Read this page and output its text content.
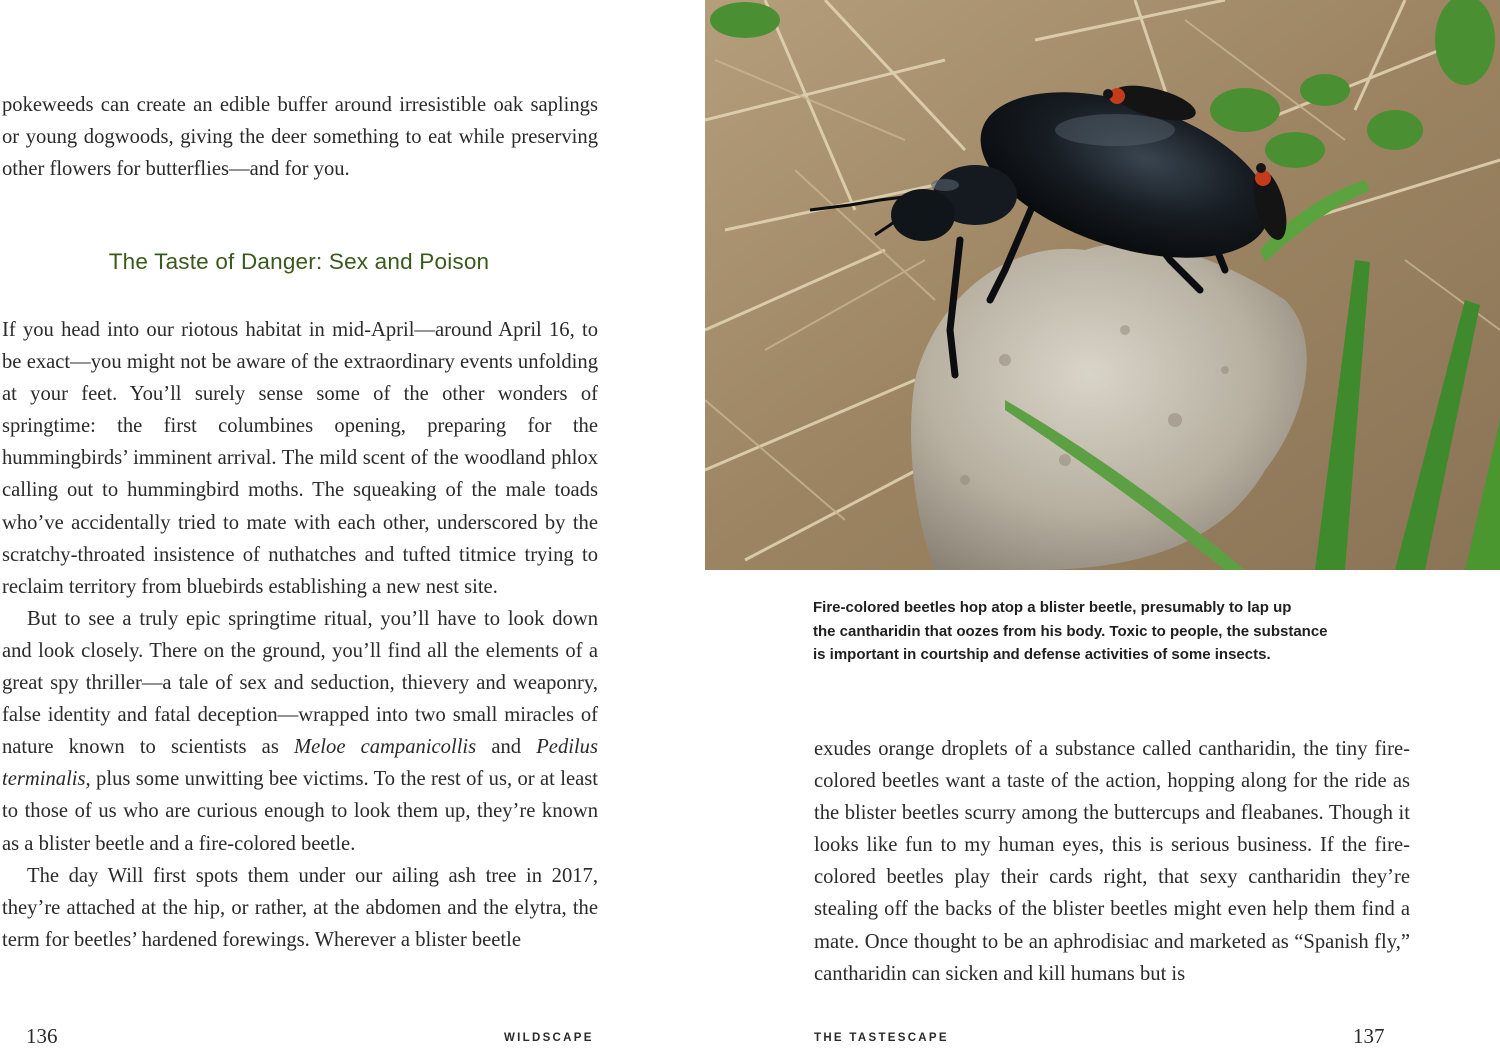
pokeweeds can create an edible buffer around irresistible oak saplings or young dogwoods, giving the deer something to eat while preserving other flowers for butterflies—and for you.

The Taste of Danger: Sex and Poison

If you head into our riotous habitat in mid-April—around April 16, to be exact—you might not be aware of the extraordinary events unfolding at your feet. You’ll surely sense some of the other wonders of springtime: the first columbines opening, preparing for the hummingbirds’ imminent arrival. The mild scent of the woodland phlox calling out to hummingbird moths. The squeaking of the male toads who’ve accidentally tried to mate with each other, underscored by the scratchy-throated insistence of nuthatches and tufted titmice trying to reclaim territory from bluebirds establishing a new nest site.

But to see a truly epic springtime ritual, you’ll have to look down and look closely. There on the ground, you’ll find all the elements of a great spy thriller—a tale of sex and seduction, thievery and weaponry, false identity and fatal deception—wrapped into two small miracles of nature known to scientists as Meloe campanicollis and Pedilus terminalis, plus some unwitting bee victims. To the rest of us, or at least to those of us who are curious enough to look them up, they’re known as a blister beetle and a fire-colored beetle.

The day Will first spots them under our ailing ash tree in 2017, they’re attached at the hip, or rather, at the abdomen and the elytra, the term for beetles’ hardened forewings. Wherever a blister beetle

136	WILDSCAPE

Fire-colored beetles hop atop a blister beetle, presumably to lap up
the cantharidin that oozes from his body. Toxic to people, the substance
is important in courtship and defense activities of some insects.

exudes orange droplets of a substance called cantharidin, the tiny fire-colored beetles want a taste of the action, hopping along for the ride as the blister beetles scurry among the buttercups and fleabanes. Though it looks like fun to my human eyes, this is serious business. If the fire-colored beetles play their cards right, that sexy cantharidin they’re stealing off the backs of the blister beetles might even help them find a mate. Once thought to be an aphrodisiac and marketed as “Spanish fly,” cantharidin can sicken and kill humans but is

THE TASTESCAPE	137
